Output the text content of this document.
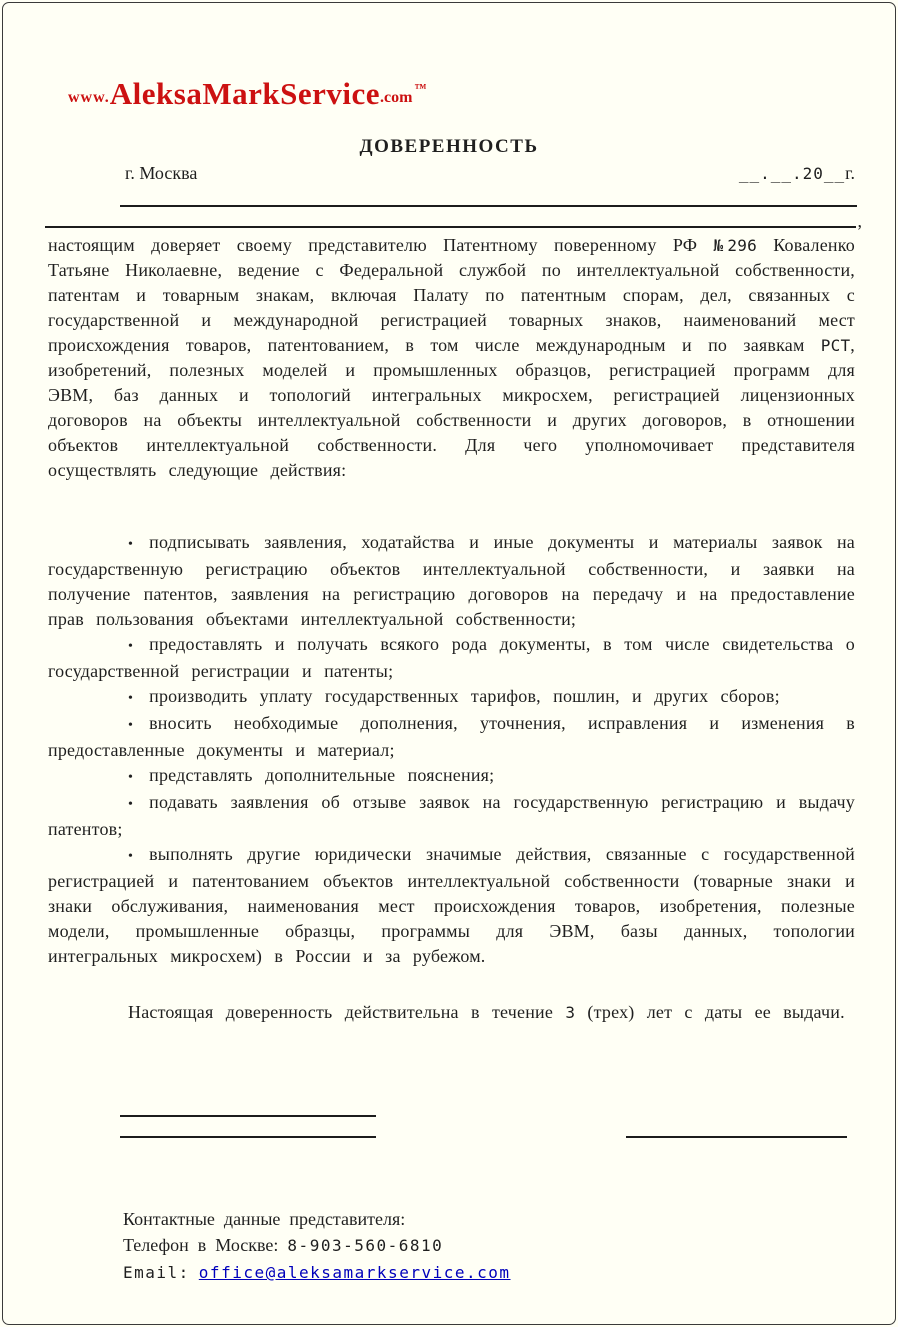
www.AleksaMarkService.com™
ДОВЕРЕННОСТЬ
г. Москва	__.__.20__г.
,

настоящим доверяет своему представителю Патентному поверенному РФ №296 Коваленко Татьяне Николаевне, ведение с Федеральной службой по интеллектуальной собственности, патентам и товарным знакам, включая Палату по патентным спорам, дел, связанных с государственной и международной регистрацией товарных знаков, наименований мест происхождения товаров, патентованием, в том числе международным и по заявкам PCT, изобретений, полезных моделей и промышленных образцов, регистрацией программ для ЭВМ, баз данных и топологий интегральных микросхем, регистрацией лицензионных договоров на объекты интеллектуальной собственности и других договоров, в отношении объектов интеллектуальной собственности. Для чего уполномочивает представителя осуществлять следующие действия:

• подписывать заявления, ходатайства и иные документы и материалы заявок на государственную регистрацию объектов интеллектуальной собственности, и заявки на получение патентов, заявления на регистрацию договоров на передачу и на предоставление прав пользования объектами интеллектуальной собственности;

• предоставлять и получать всякого рода документы, в том числе свидетельства о государственной регистрации и патенты;

• производить уплату государственных тарифов, пошлин, и других сборов;

• вносить необходимые дополнения, уточнения, исправления и изменения в предоставленные документы и материал;

• представлять дополнительные пояснения;

• подавать заявления об отзыве заявок на государственную регистрацию и выдачу патентов;

• выполнять другие юридически значимые действия, связанные с государственной регистрацией и патентованием объектов интеллектуальной собственности (товарные знаки и знаки обслуживания, наименования мест происхождения товаров, изобретения, полезные модели, промышленные образцы, программы для ЭВМ, базы данных, топологии интегральных микросхем) в России и за рубежом.

Настоящая доверенность действительна в течение 3 (трех) лет с даты ее выдачи.

Контактные данные представителя:
Телефон в Москве: 8-903-560-6810
Email: office@aleksamarkservice.com
